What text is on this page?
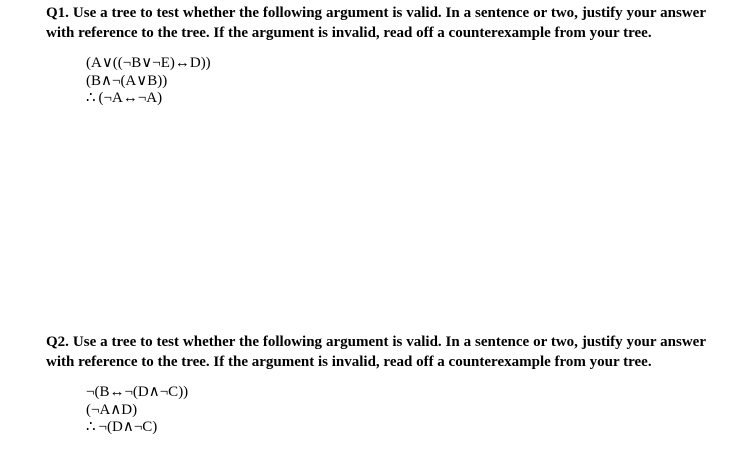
Q1. Use a tree to test whether the following argument is valid. In a sentence or two, justify your answer with reference to the tree. If the argument is invalid, read off a counterexample from your tree.

(A∨((¬B∨¬E)↔D))
(B∧¬(A∨B))
∴ (¬A↔¬A)

Q2. Use a tree to test whether the following argument is valid. In a sentence or two, justify your answer with reference to the tree. If the argument is invalid, read off a counterexample from your tree.

¬(B↔¬(D∧¬C))
(¬A∧D)
∴ ¬(D∧¬C)
